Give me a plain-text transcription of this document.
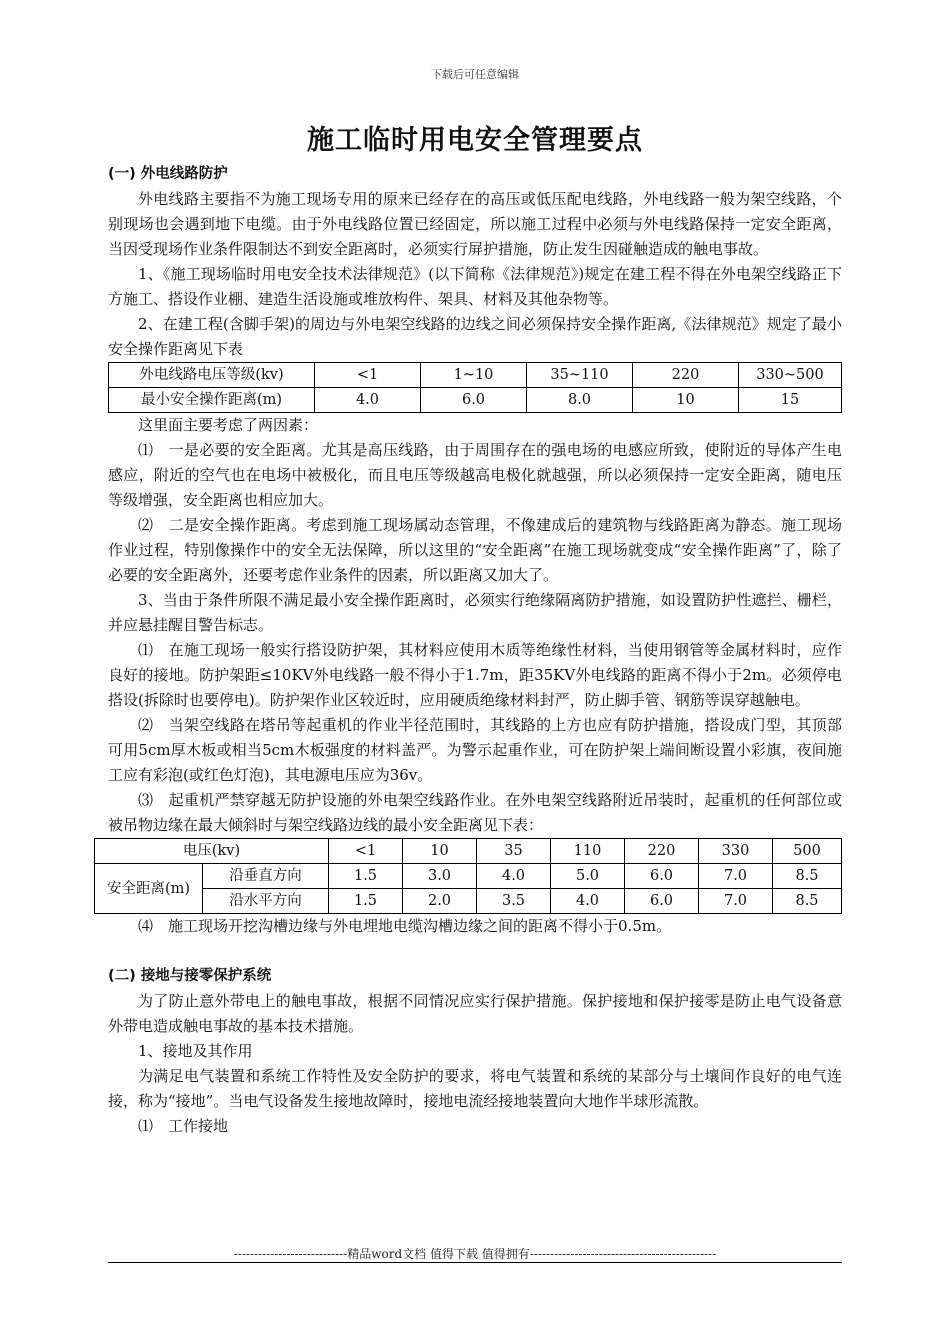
下载后可任意编辑
施工临时用电安全管理要点

(一) 外电线路防护

外电线路主要指不为施工现场专用的原来已经存在的高压或低压配电线路，外电线路一般为架空线路，个别现场也会遇到地下电缆。由于外电线路位置已经固定，所以施工过程中必须与外电线路保持一定安全距离，当因受现场作业条件限制达不到安全距离时，必须实行屏护措施，防止发生因碰触造成的触电事故。

1、《施工现场临时用电安全技术法律规范》(以下简称《法律规范》)规定在建工程不得在外电架空线路正下方施工、搭设作业棚、建造生活设施或堆放构件、架具、材料及其他杂物等。

2、在建工程(含脚手架)的周边与外电架空线路的边线之间必须保持安全操作距离,《法律规范》规定了最小安全操作距离见下表

外电线路电压等级(kv)	<1	1~10	35~110	220	330~500
最小安全操作距离(m)	4.0	6.0	8.0	10	15

这里面主要考虑了两因素：

⑴　一是必要的安全距离。尤其是高压线路，由于周围存在的强电场的电感应所致，使附近的导体产生电感应，附近的空气也在电场中被极化，而且电压等级越高电极化就越强，所以必须保持一定安全距离，随电压等级增强，安全距离也相应加大。

⑵　二是安全操作距离。考虑到施工现场属动态管理，不像建成后的建筑物与线路距离为静态。施工现场作业过程，特别像操作中的安全无法保障，所以这里的“安全距离”在施工现场就变成“安全操作距离”了，除了必要的安全距离外，还要考虑作业条件的因素，所以距离又加大了。

3、当由于条件所限不满足最小安全操作距离时，必须实行绝缘隔离防护措施，如设置防护性遮拦、栅栏，并应悬挂醒目警告标志。

⑴　在施工现场一般实行搭设防护架，其材料应使用木质等绝缘性材料，当使用钢管等金属材料时，应作良好的接地。防护架距≤10KV外电线路一般不得小于1.7m，距35KV外电线路的距离不得小于2m。必须停电搭设(拆除时也要停电)。防护架作业区较近时，应用硬质绝缘材料封严，防止脚手管、钢筋等误穿越触电。

⑵　当架空线路在塔吊等起重机的作业半径范围时，其线路的上方也应有防护措施，搭设成门型，其顶部可用5cm厚木板或相当5cm木板强度的材料盖严。为警示起重作业，可在防护架上端间断设置小彩旗，夜间施工应有彩泡(或红色灯泡)，其电源电压应为36v。

⑶　起重机严禁穿越无防护设施的外电架空线路作业。在外电架空线路附近吊装时，起重机的任何部位或被吊物边缘在最大倾斜时与架空线路边线的最小安全距离见下表：

电压(kv)		<1	10	35	110	220	330	500
安全距离(m)	沿垂直方向	1.5	3.0	4.0	5.0	6.0	7.0	8.5
	沿水平方向	1.5	2.0	3.5	4.0	6.0	7.0	8.5

⑷　施工现场开挖沟槽边缘与外电埋地电缆沟槽边缘之间的距离不得小于0.5m。

(二) 接地与接零保护系统

为了防止意外带电上的触电事故，根据不同情况应实行保护措施。保护接地和保护接零是防止电气设备意外带电造成触电事故的基本技术措施。

1、接地及其作用

为满足电气装置和系统工作特性及安全防护的要求，将电气装置和系统的某部分与土壤间作良好的电气连接，称为“接地”。当电气设备发生接地故障时，接地电流经接地装置向大地作半球形流散。

⑴　工作接地

----------------------------精品word文档 值得下载 值得拥有----------------------------------------------
